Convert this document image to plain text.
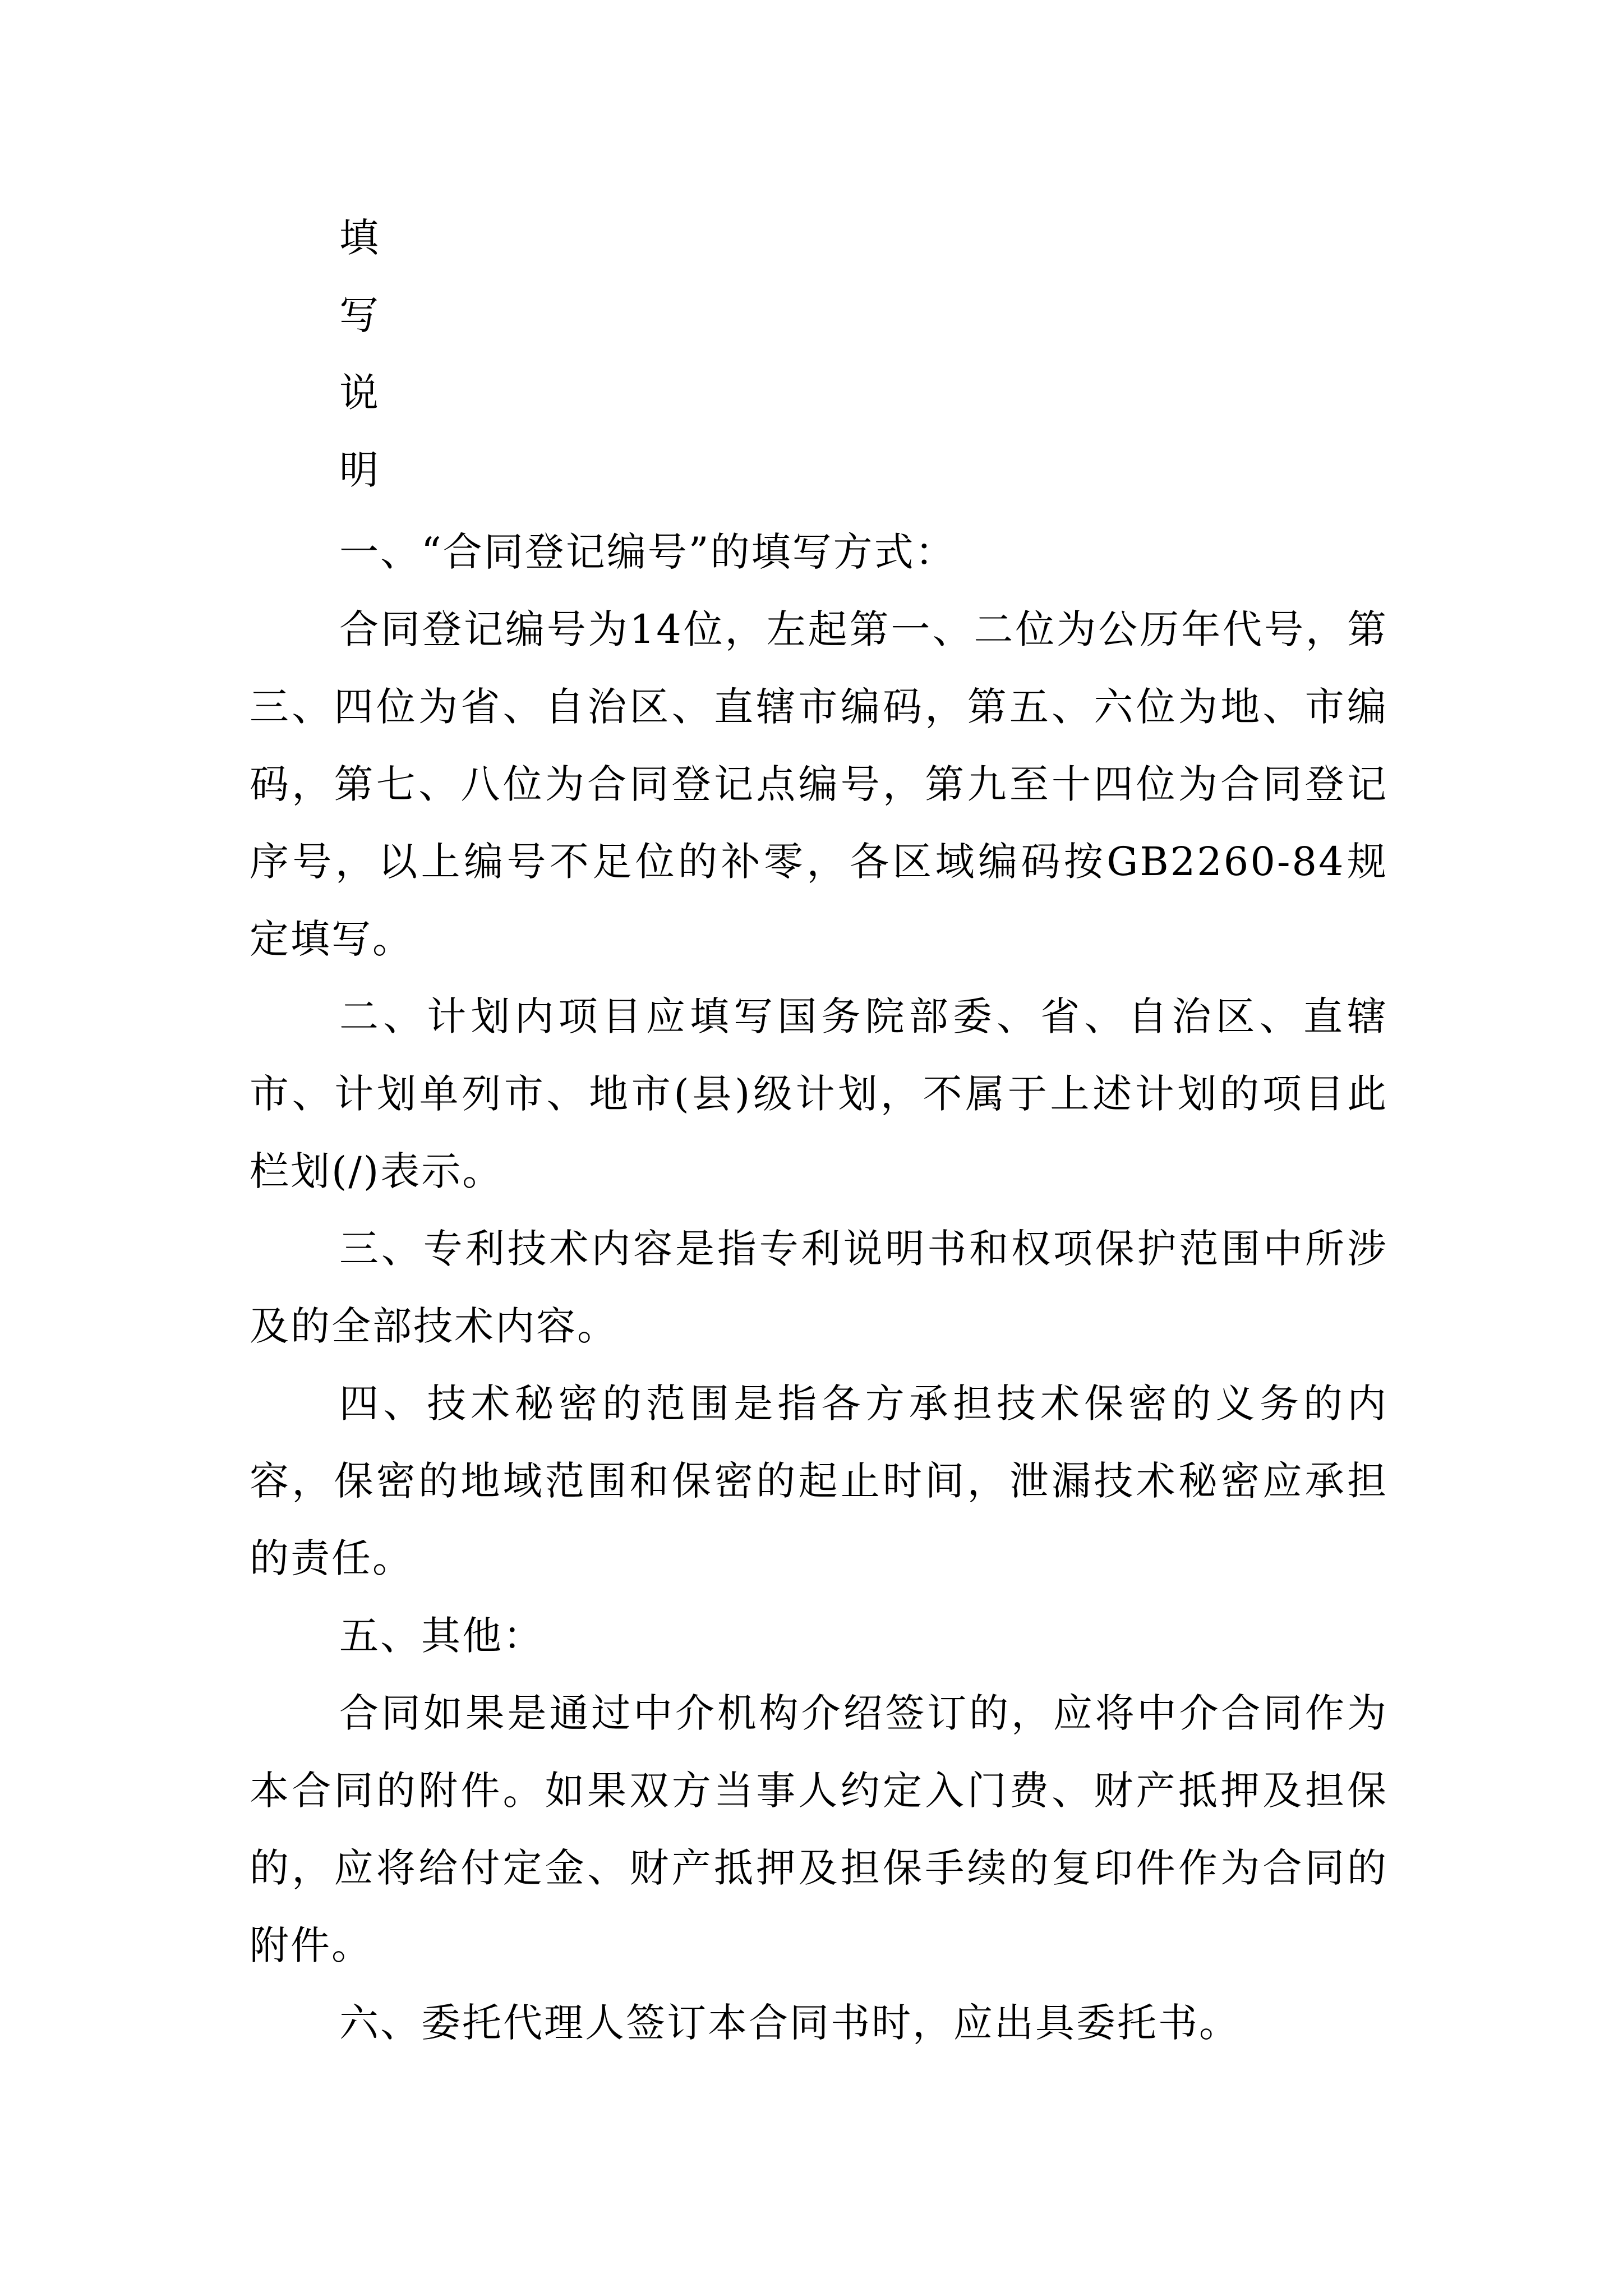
填
写
说
明

一、“合同登记编号”的填写方式：

合同登记编号为14位，左起第一、二位为公历年代号，第三、四位为省、自治区、直辖市编码，第五、六位为地、市编码，第七、八位为合同登记点编号，第九至十四位为合同登记序号，以上编号不足位的补零，各区域编码按GB2260-84规定填写。

二、计划内项目应填写国务院部委、省、自治区、直辖市、计划单列市、地市(县)级计划，不属于上述计划的项目此栏划(/)表示。

三、专利技术内容是指专利说明书和权项保护范围中所涉及的全部技术内容。

四、技术秘密的范围是指各方承担技术保密的义务的内容，保密的地域范围和保密的起止时间，泄漏技术秘密应承担的责任。

五、其他：

合同如果是通过中介机构介绍签订的，应将中介合同作为本合同的附件。如果双方当事人约定入门费、财产抵押及担保的，应将给付定金、财产抵押及担保手续的复印件作为合同的附件。

六、委托代理人签订本合同书时，应出具委托书。
